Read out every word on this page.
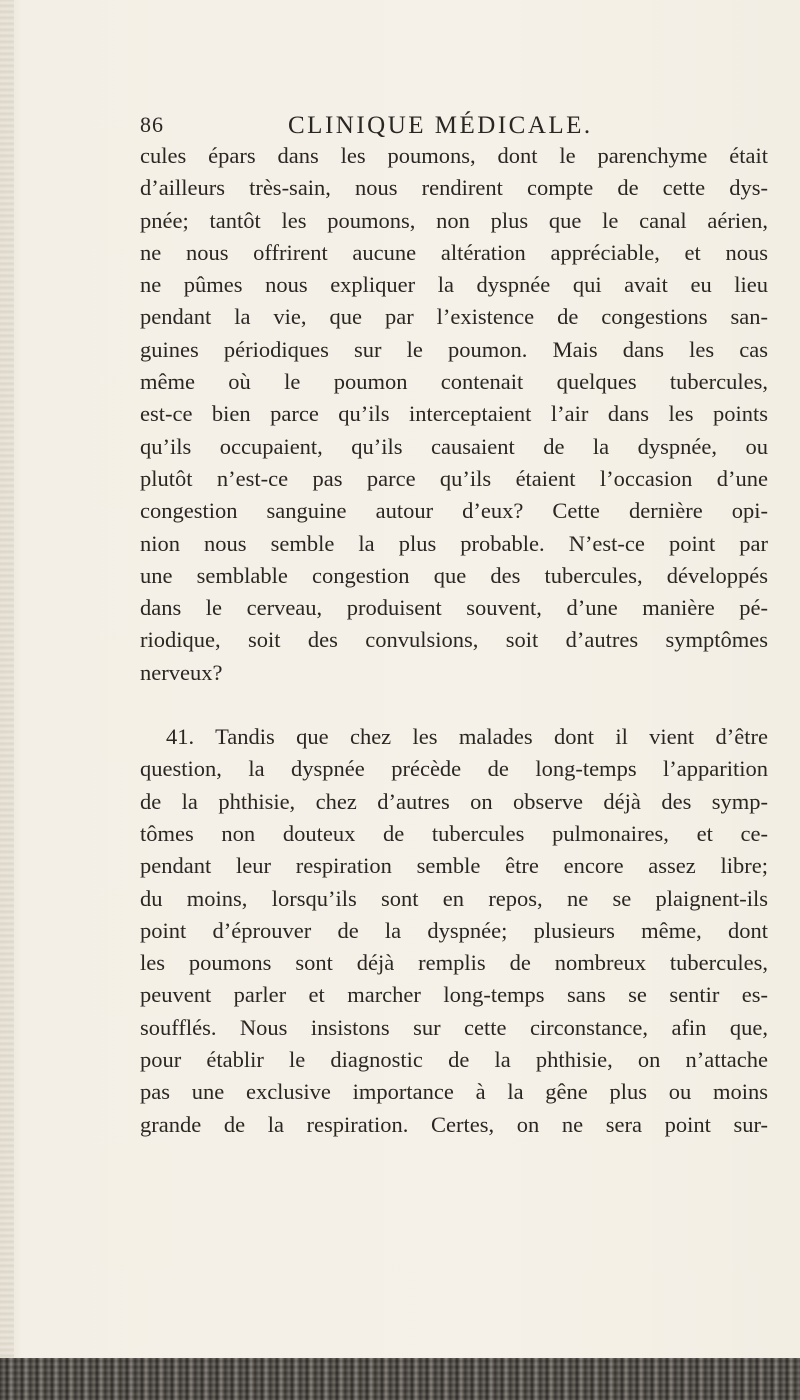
86	CLINIQUE MÉDICALE.
cules épars dans les poumons, dont le parenchyme était
d’ailleurs très-sain, nous rendirent compte de cette dys-
pnée; tantôt les poumons, non plus que le canal aérien,
ne nous offrirent aucune altération appréciable, et nous
ne pûmes nous expliquer la dyspnée qui avait eu lieu
pendant la vie, que par l’existence de congestions san-
guines périodiques sur le poumon. Mais dans les cas
même où le poumon contenait quelques tubercules,
est-ce bien parce qu’ils interceptaient l’air dans les points
qu’ils occupaient, qu’ils causaient de la dyspnée, ou
plutôt n’est-ce pas parce qu’ils étaient l’occasion d’une
congestion sanguine autour d’eux? Cette dernière opi-
nion nous semble la plus probable. N’est-ce point par
une semblable congestion que des tubercules, développés
dans le cerveau, produisent souvent, d’une manière pé-
riodique, soit des convulsions, soit d’autres symptômes
nerveux?
41. Tandis que chez les malades dont il vient d’être
question, la dyspnée précède de long-temps l’apparition
de la phthisie, chez d’autres on observe déjà des symp-
tômes non douteux de tubercules pulmonaires, et ce-
pendant leur respiration semble être encore assez libre;
du moins, lorsqu’ils sont en repos, ne se plaignent-ils
point d’éprouver de la dyspnée; plusieurs même, dont
les poumons sont déjà remplis de nombreux tubercules,
peuvent parler et marcher long-temps sans se sentir es-
soufflés. Nous insistons sur cette circonstance, afin que,
pour établir le diagnostic de la phthisie, on n’attache
pas une exclusive importance à la gêne plus ou moins
grande de la respiration. Certes, on ne sera point sur-
